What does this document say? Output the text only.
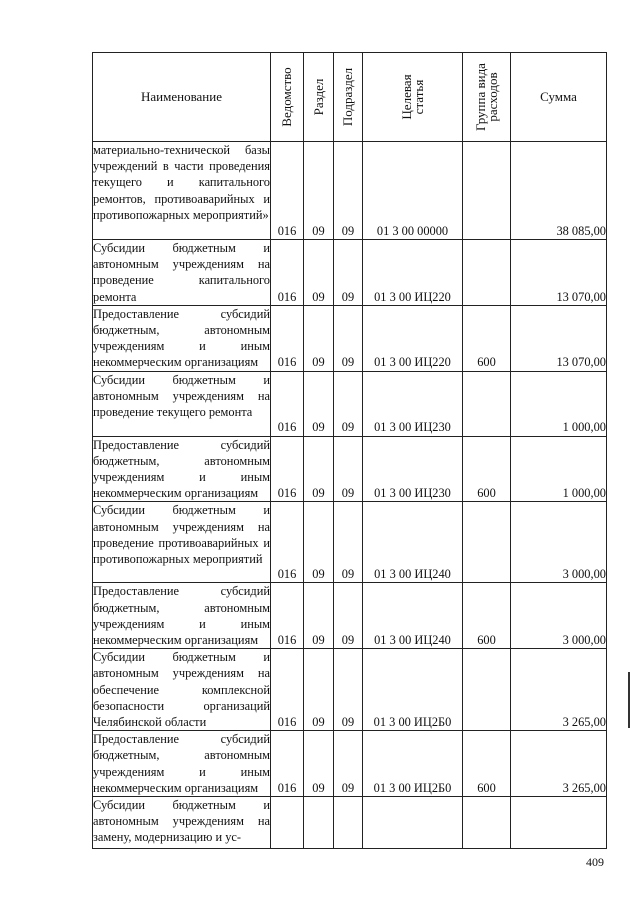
Наименование	Ведомство	Раздел	Подраздел	Целевая статья	Группа вида расходов	Сумма
материально-технической базы учреждений в части проведения текущего и капитального ремонтов, противоаварийных и противопожарных мероприятий»	016	09	09	01 3 00 00000		38 085,00
Субсидии бюджетным и автономным учреждениям на проведение капитального ремонта	016	09	09	01 3 00 ИЦ220		13 070,00
Предоставление субсидий бюджетным, автономным учреждениям и иным некоммерческим организациям	016	09	09	01 3 00 ИЦ220	600	13 070,00
Субсидии бюджетным и автономным учреждениям на проведение текущего ремонта	016	09	09	01 3 00 ИЦ230		1 000,00
Предоставление субсидий бюджетным, автономным учреждениям и иным некоммерческим организациям	016	09	09	01 3 00 ИЦ230	600	1 000,00
Субсидии бюджетным и автономным учреждениям на проведение противоаварийных и противопожарных мероприятий	016	09	09	01 3 00 ИЦ240		3 000,00
Предоставление субсидий бюджетным, автономным учреждениям и иным некоммерческим организациям	016	09	09	01 3 00 ИЦ240	600	3 000,00
Субсидии бюджетным и автономным учреждениям на обеспечение комплексной безопасности организаций Челябинской области	016	09	09	01 3 00 ИЦ2Б0		3 265,00
Предоставление субсидий бюджетным, автономным учреждениям и иным некоммерческим организациям	016	09	09	01 3 00 ИЦ2Б0	600	3 265,00
Субсидии бюджетным и автономным учреждениям на замену, модернизацию и ус-						
409
